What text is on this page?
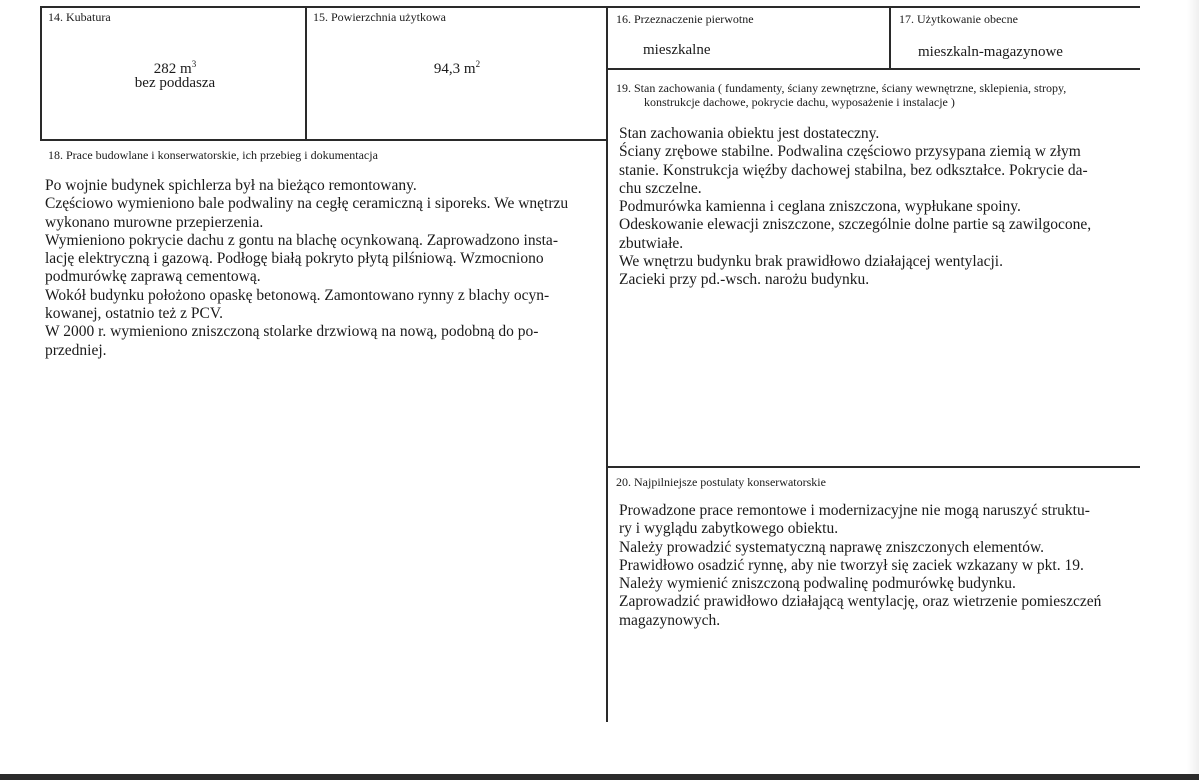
14. Kubatura
282 $m^3$
bez poddasza
15. Powierzchnia użytkowa
94,3 $m^2$
16. Przeznaczenie pierwotne
mieszkalne
17. Użytkowanie obecne
mieszkaln-magazynowe
18. Prace budowlane i konserwatorskie, ich przebieg i dokumentacja
Po wojnie budynek spichlerza był na bieżąco remontowany.
Częściowo wymieniono bale podwaliny na cegłę ceramiczną i siporeks. We wnętrzu
wykonano murowne przepierzenia.
Wymieniono pokrycie dachu z gontu na blachę ocynkowaną. Zaprowadzono insta-
lację elektryczną i gazową. Podłogę białą pokryto płytą pilśniową. Wzmocniono
podmurówkę zaprawą cementową.
Wokół budynku położono opaskę betonową. Zamontowano rynny z blachy ocyn-
kowanej, ostatnio też z PCV.
W 2000 r. wymieniono zniszczoną stolarke drzwiową na nową, podobną do po-
przedniej.
19. Stan zachowania ( fundamenty, ściany zewnętrzne, ściany wewnętrzne, sklepienia, stropy,
konstrukcje dachowe, pokrycie dachu, wyposażenie i instalacje )
Stan zachowania obiektu jest dostateczny.
Ściany zrębowe stabilne. Podwalina częściowo przysypana ziemią w złym
stanie. Konstrukcja więźby dachowej stabilna, bez odkształce. Pokrycie da-
chu szczelne.
Podmurówka kamienna i ceglana zniszczona, wypłukane spoiny.
Odeskowanie elewacji zniszczone, szczególnie dolne partie są zawilgocone,
zbutwiałe.
We wnętrzu budynku brak prawidłowo działającej wentylacji.
Zacieki przy pd.-wsch. narożu budynku.
20. Najpilniejsze postulaty konserwatorskie
Prowadzone prace remontowe i modernizacyjne nie mogą naruszyć struktu-
ry i wyglądu zabytkowego obiektu.
Należy prowadzić systematyczną naprawę zniszczonych elementów.
Prawidłowo osadzić rynnę, aby nie tworzył się zaciek wzkazany w pkt. 19.
Należy wymienić zniszczoną podwalinę podmurówkę budynku.
Zaprowadzić prawidłowo działającą wentylację, oraz wietrzenie pomieszczeń
magazynowych.
